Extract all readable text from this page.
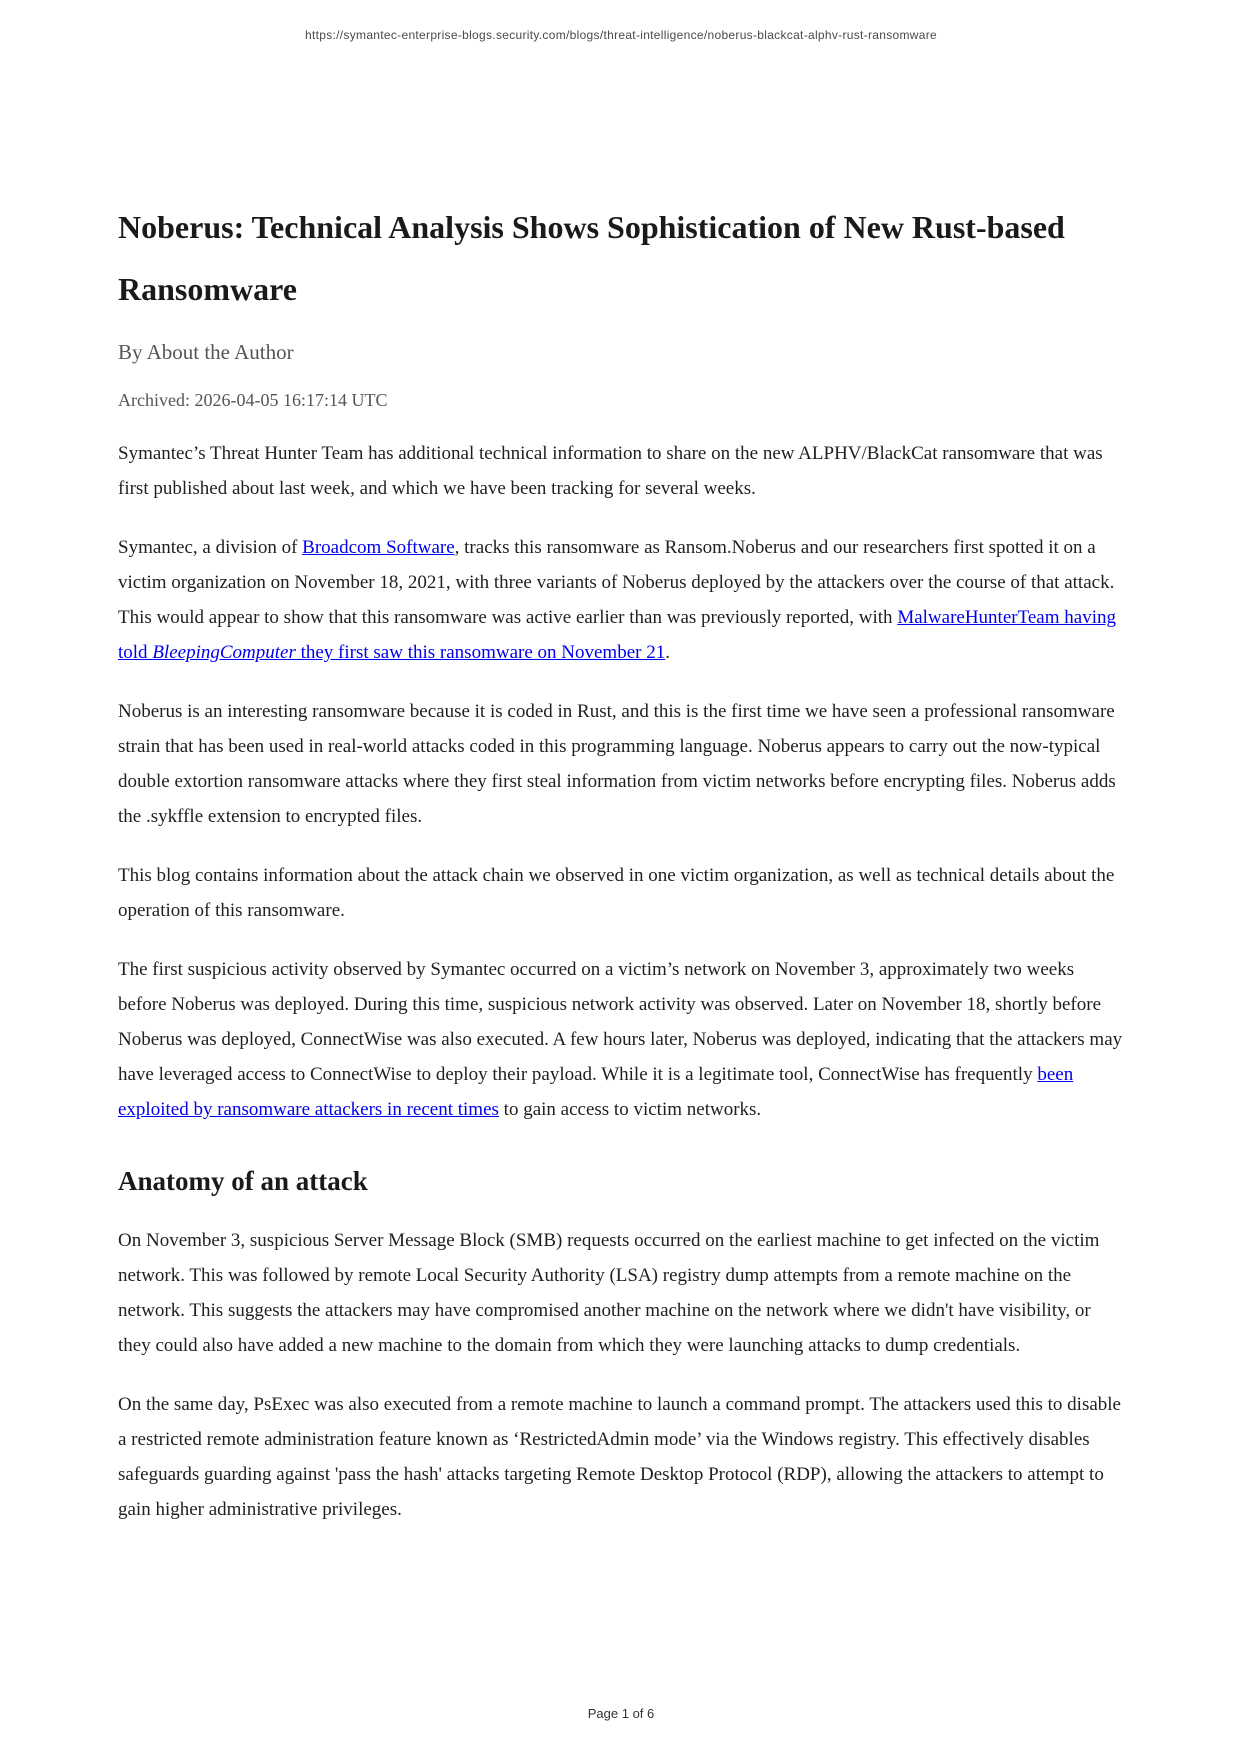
https://symantec-enterprise-blogs.security.com/blogs/threat-intelligence/noberus-blackcat-alphv-rust-ransomware
Noberus: Technical Analysis Shows Sophistication of New Rust-based Ransomware

By About the Author

Archived: 2026-04-05 16:17:14 UTC

Symantec’s Threat Hunter Team has additional technical information to share on the new ALPHV/BlackCat ransomware that was first published about last week, and which we have been tracking for several weeks.

Symantec, a division of Broadcom Software, tracks this ransomware as Ransom.Noberus and our researchers first spotted it on a victim organization on November 18, 2021, with three variants of Noberus deployed by the attackers over the course of that attack. This would appear to show that this ransomware was active earlier than was previously reported, with MalwareHunterTeam having told BleepingComputer they first saw this ransomware on November 21.

Noberus is an interesting ransomware because it is coded in Rust, and this is the first time we have seen a professional ransomware strain that has been used in real-world attacks coded in this programming language. Noberus appears to carry out the now-typical double extortion ransomware attacks where they first steal information from victim networks before encrypting files. Noberus adds the .sykffle extension to encrypted files.

This blog contains information about the attack chain we observed in one victim organization, as well as technical details about the operation of this ransomware.

The first suspicious activity observed by Symantec occurred on a victim’s network on November 3, approximately two weeks before Noberus was deployed. During this time, suspicious network activity was observed. Later on November 18, shortly before Noberus was deployed, ConnectWise was also executed. A few hours later, Noberus was deployed, indicating that the attackers may have leveraged access to ConnectWise to deploy their payload. While it is a legitimate tool, ConnectWise has frequently been exploited by ransomware attackers in recent times to gain access to victim networks.

Anatomy of an attack

On November 3, suspicious Server Message Block (SMB) requests occurred on the earliest machine to get infected on the victim network. This was followed by remote Local Security Authority (LSA) registry dump attempts from a remote machine on the network. This suggests the attackers may have compromised another machine on the network where we didn't have visibility, or they could also have added a new machine to the domain from which they were launching attacks to dump credentials.

On the same day, PsExec was also executed from a remote machine to launch a command prompt. The attackers used this to disable a restricted remote administration feature known as ‘RestrictedAdmin mode’ via the Windows registry. This effectively disables safeguards guarding against 'pass the hash' attacks targeting Remote Desktop Protocol (RDP), allowing the attackers to attempt to gain higher administrative privileges.

Page 1 of 6
